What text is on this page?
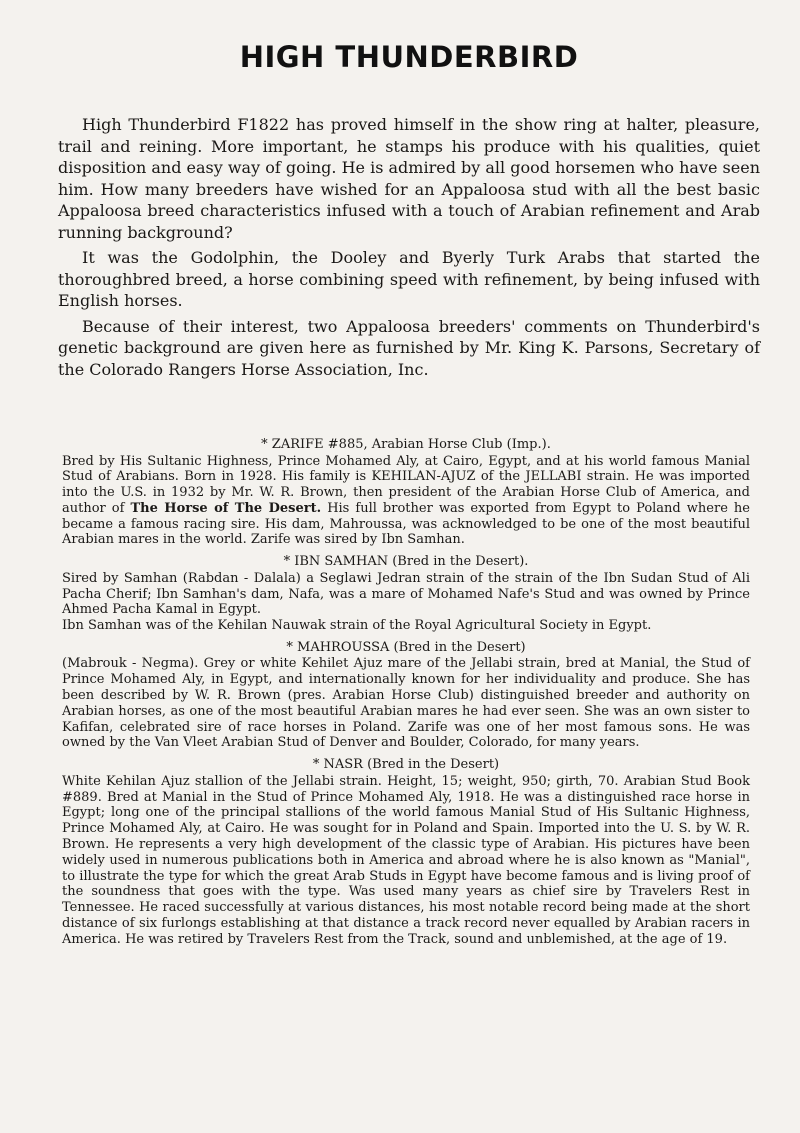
HIGH THUNDERBIRD

High Thunderbird F1822 has proved himself in the show ring at halter, pleasure, trail and reining. More important, he stamps his produce with his qualities, quiet disposition and easy way of going. He is admired by all good horsemen who have seen him. How many breeders have wished for an Appaloosa stud with all the best basic Appaloosa breed characteristics infused with a touch of Arabian refinement and Arab running background?

It was the Godolphin, the Dooley and Byerly Turk Arabs that started the thoroughbred breed, a horse combining speed with refinement, by being infused with English horses.

Because of their interest, two Appaloosa breeders' comments on Thunderbird's genetic background are given here as furnished by Mr. King K. Parsons, Secretary of the Colorado Rangers Horse Association, Inc.

* ZARIFE #885, Arabian Horse Club (Imp.).

Bred by His Sultanic Highness, Prince Mohamed Aly, at Cairo, Egypt, and at his world famous Manial Stud of Arabians. Born in 1928. His family is KEHILAN-AJUZ of the JELLABI strain. He was imported into the U.S. in 1932 by Mr. W. R. Brown, then president of the Arabian Horse Club of America, and author of The Horse of The Desert. His full brother was exported from Egypt to Poland where he became a famous racing sire. His dam, Mahroussa, was acknowledged to be one of the most beautiful Arabian mares in the world. Zarife was sired by Ibn Samhan.

* IBN SAMHAN (Bred in the Desert).

Sired by Samhan (Rabdan - Dalala) a Seglawi Jedran strain of the strain of the Ibn Sudan Stud of Ali Pacha Cherif; Ibn Samhan's dam, Nafa, was a mare of Mohamed Nafe's Stud and was owned by Prince Ahmed Pacha Kamal in Egypt.

Ibn Samhan was of the Kehilan Nauwak strain of the Royal Agricultural Society in Egypt.

* MAHROUSSA (Bred in the Desert)

(Mabrouk - Negma). Grey or white Kehilet Ajuz mare of the Jellabi strain, bred at Manial, the Stud of Prince Mohamed Aly, in Egypt, and internationally known for her individuality and produce. She has been described by W. R. Brown (pres. Arabian Horse Club) distinguished breeder and authority on Arabian horses, as one of the most beautiful Arabian mares he had ever seen. She was an own sister to Kafifan, celebrated sire of race horses in Poland. Zarife was one of her most famous sons. He was owned by the Van Vleet Arabian Stud of Denver and Boulder, Colorado, for many years.

* NASR (Bred in the Desert)

White Kehilan Ajuz stallion of the Jellabi strain. Height, 15; weight, 950; girth, 70. Arabian Stud Book #889. Bred at Manial in the Stud of Prince Mohamed Aly, 1918. He was a distinguished race horse in Egypt; long one of the principal stallions of the world famous Manial Stud of His Sultanic Highness, Prince Mohamed Aly, at Cairo. He was sought for in Poland and Spain. Imported into the U. S. by W. R. Brown. He represents a very high development of the classic type of Arabian. His pictures have been widely used in numerous publications both in America and abroad where he is also known as "Manial", to illustrate the type for which the great Arab Studs in Egypt have become famous and is living proof of the soundness that goes with the type. Was used many years as chief sire by Travelers Rest in Tennessee. He raced successfully at various distances, his most notable record being made at the short distance of six furlongs establishing at that distance a track record never equalled by Arabian racers in America. He was retired by Travelers Rest from the Track, sound and unblemished, at the age of 19.
